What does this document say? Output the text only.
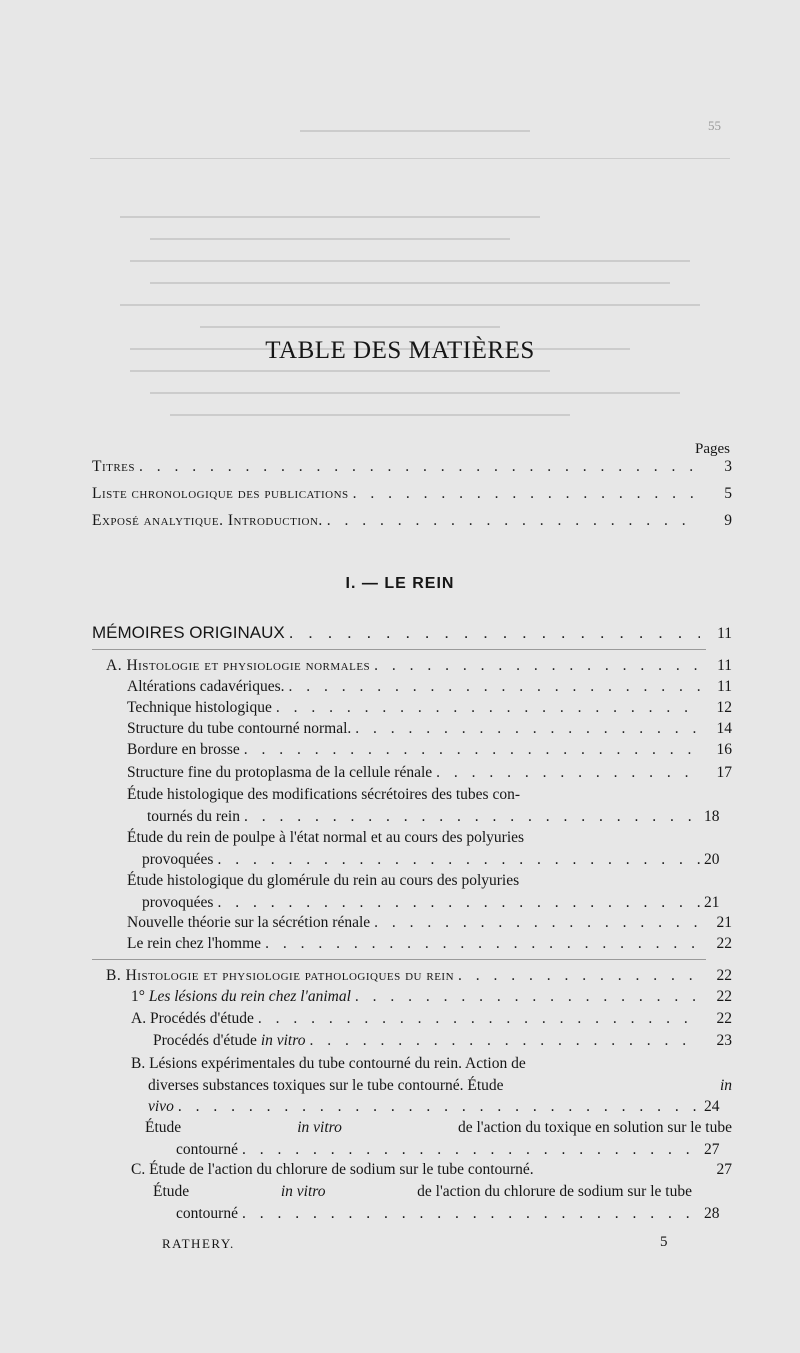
55
TABLE DES MATIÈRES
Pages
Titres . . .	3
Liste chronologique des publications . . .	5
Exposé analytique. Introduction. . . .	9
I. — LE REIN
MÉMOIRES ORIGINAUX . . .	11
A. Histologie et physiologie normales . . .	11
Altérations cadavériques. . . .	11
Technique histologique . . .	12
Structure du tube contourné normal. . . .	14
Bordure en brosse . . .	16
Structure fine du protoplasma de la cellule rénale . . .	17
Étude histologique des modifications sécrétoires des tubes con-
tournés du rein . . .	18
Étude du rein de poulpe à l'état normal et au cours des polyuries
provoquées . . .	20
Étude histologique du glomérule du rein au cours des polyuries
provoquées . . .	21
Nouvelle théorie sur la sécrétion rénale . . .	21
Le rein chez l'homme . . .	22
B. Histologie et physiologie pathologiques du rein . . .	22
1° Les lésions du rein chez l'animal . . .	22
A. Procédés d'étude . . .	22
Procédés d'étude in vitro . . .	23
B. Lésions expérimentales du tube contourné du rein. Action de
diverses substances toxiques sur le tube contourné. Étude	in
vivo . . .	24
Étude	in vitro	de l'action du toxique en solution sur le tube
contourné . . .	27
C. Étude de l'action du chlorure de sodium sur le tube contourné.	27
Étude	in vitro	de l'action du chlorure de sodium sur le tube
contourné . . .	28
RATHERY.	5
